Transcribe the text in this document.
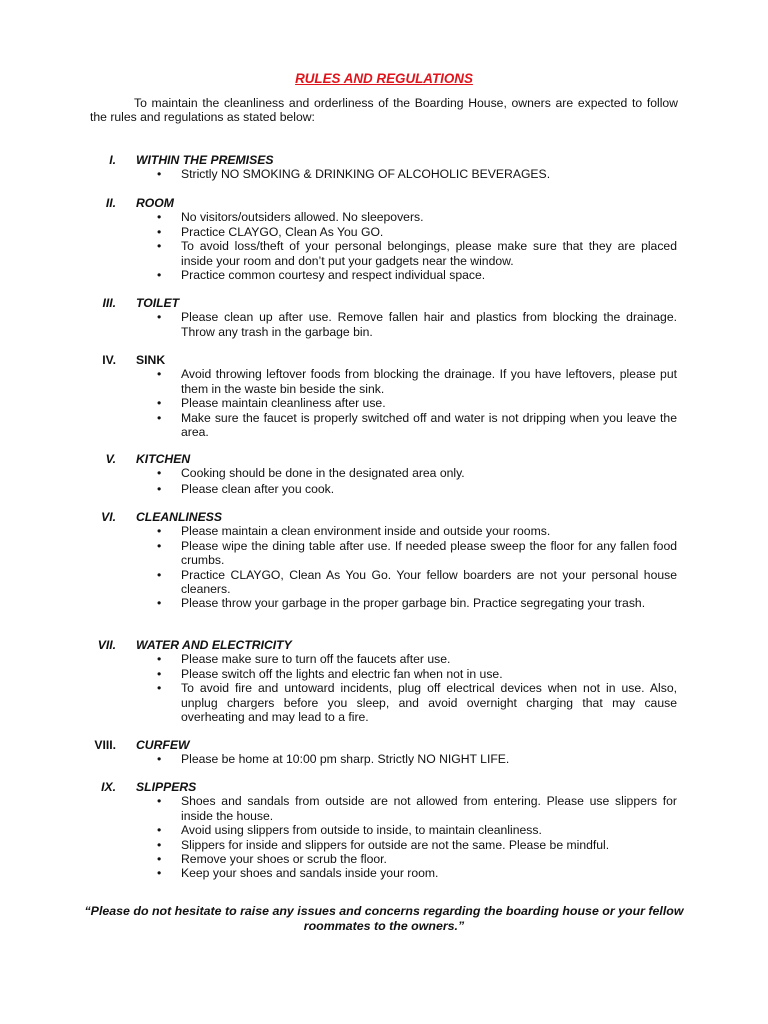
RULES AND REGULATIONS
To maintain the cleanliness and orderliness of the Boarding House, owners are expected to follow the rules and regulations as stated below:
I. WITHIN THE PREMISES
• Strictly NO SMOKING & DRINKING OF ALCOHOLIC BEVERAGES.
II. ROOM
• No visitors/outsiders allowed. No sleepovers.
• Practice CLAYGO, Clean As You GO.
• To avoid loss/theft of your personal belongings, please make sure that they are placed inside your room and don’t put your gadgets near the window.
• Practice common courtesy and respect individual space.
III. TOILET
• Please clean up after use. Remove fallen hair and plastics from blocking the drainage. Throw any trash in the garbage bin.
IV. SINK
• Avoid throwing leftover foods from blocking the drainage. If you have leftovers, please put them in the waste bin beside the sink.
• Please maintain cleanliness after use.
• Make sure the faucet is properly switched off and water is not dripping when you leave the area.
V. KITCHEN
• Cooking should be done in the designated area only.
• Please clean after you cook.
VI. CLEANLINESS
• Please maintain a clean environment inside and outside your rooms.
• Please wipe the dining table after use. If needed please sweep the floor for any fallen food crumbs.
• Practice CLAYGO, Clean As You Go. Your fellow boarders are not your personal house cleaners.
• Please throw your garbage in the proper garbage bin. Practice segregating your trash.
VII. WATER AND ELECTRICITY
• Please make sure to turn off the faucets after use.
• Please switch off the lights and electric fan when not in use.
• To avoid fire and untoward incidents, plug off electrical devices when not in use. Also, unplug chargers before you sleep, and avoid overnight charging that may cause overheating and may lead to a fire.
VIII. CURFEW
• Please be home at 10:00 pm sharp. Strictly NO NIGHT LIFE.
IX. SLIPPERS
• Shoes and sandals from outside are not allowed from entering. Please use slippers for inside the house.
• Avoid using slippers from outside to inside, to maintain cleanliness.
• Slippers for inside and slippers for outside are not the same. Please be mindful.
• Remove your shoes or scrub the floor.
• Keep your shoes and sandals inside your room.
“Please do not hesitate to raise any issues and concerns regarding the boarding house or your fellow roommates to the owners.”
